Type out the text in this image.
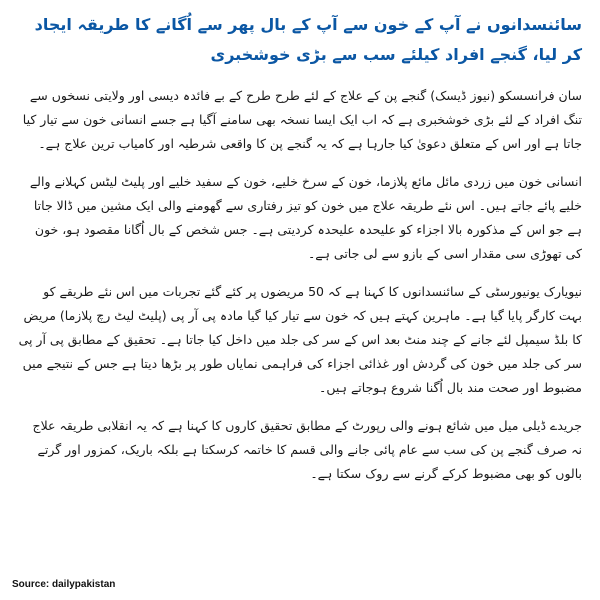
سائنسدانوں نے آپ کے خون سے آپ کے بال پھر سے اُگانے کا طریقہ ایجاد کر لیا، گنجے افراد کیلئے سب سے بڑی خوشخبری

سان فرانسسکو (نیوز ڈیسک) گنجے پن کے علاج کے لئے طرح طرح کے بے فائدہ دیسی اور ولایتی نسخوں سے تنگ افراد کے لئے بڑی خوشخبری ہے کہ اب ایک ایسا نسخہ بھی سامنے آگیا ہے جسے انسانی خون سے تیار کیا جاتا ہے اور اس کے متعلق دعویٰ کیا جارہا ہے کہ یہ گنجے پن کا واقعی شرطیہ اور کامیاب ترین علاج ہے۔

انسانی خون میں زردی مائل مائع پلازما، خون کے سرخ خلیے، خون کے سفید خلیے اور پلیٹ لیٹس کہلانے والے خلیے پائے جاتے ہیں۔ اس نئے طریقہ علاج میں خون کو تیز رفتاری سے گھومنے والی ایک مشین میں ڈالا جاتا ہے جو اس کے مذکورہ بالا اجزاء کو علیحدہ علیحدہ کردیتی ہے۔ جس شخص کے بال اُگانا مقصود ہو، خون کی تھوڑی سی مقدار اسی کے بازو سے لی جاتی ہے۔

نیویارک یونیورسٹی کے سائنسدانوں کا کہنا ہے کہ 50 مریضوں پر کئے گئے تجربات میں اس نئے طریقے کو بہت کارگر پایا گیا ہے۔ ماہرین کہتے ہیں کہ خون سے تیار کیا گیا مادہ پی آر پی (پلیٹ لیٹ رچ پلازما) مریض کا بلڈ سیمپل لئے جانے کے چند منٹ بعد اس کے سر کی جلد میں داخل کیا جاتا ہے۔ تحقیق کے مطابق پی آر پی سر کی جلد میں خون کی گردش اور غذائی اجزاء کی فراہمی نمایاں طور پر بڑھا دیتا ہے جس کے نتیجے میں مضبوط اور صحت مند بال اُگنا شروع ہوجاتے ہیں۔

جریدے ڈیلی میل میں شائع ہونے والی رپورٹ کے مطابق تحقیق کاروں کا کہنا ہے کہ یہ انقلابی طریقہ علاج نہ صرف گنجے پن کی سب سے عام پائی جانے والی قسم کا خاتمہ کرسکتا ہے بلکہ باریک، کمزور اور گرتے بالوں کو بھی مضبوط کرکے گرنے سے روک سکتا ہے۔

Source: dailypakistan
